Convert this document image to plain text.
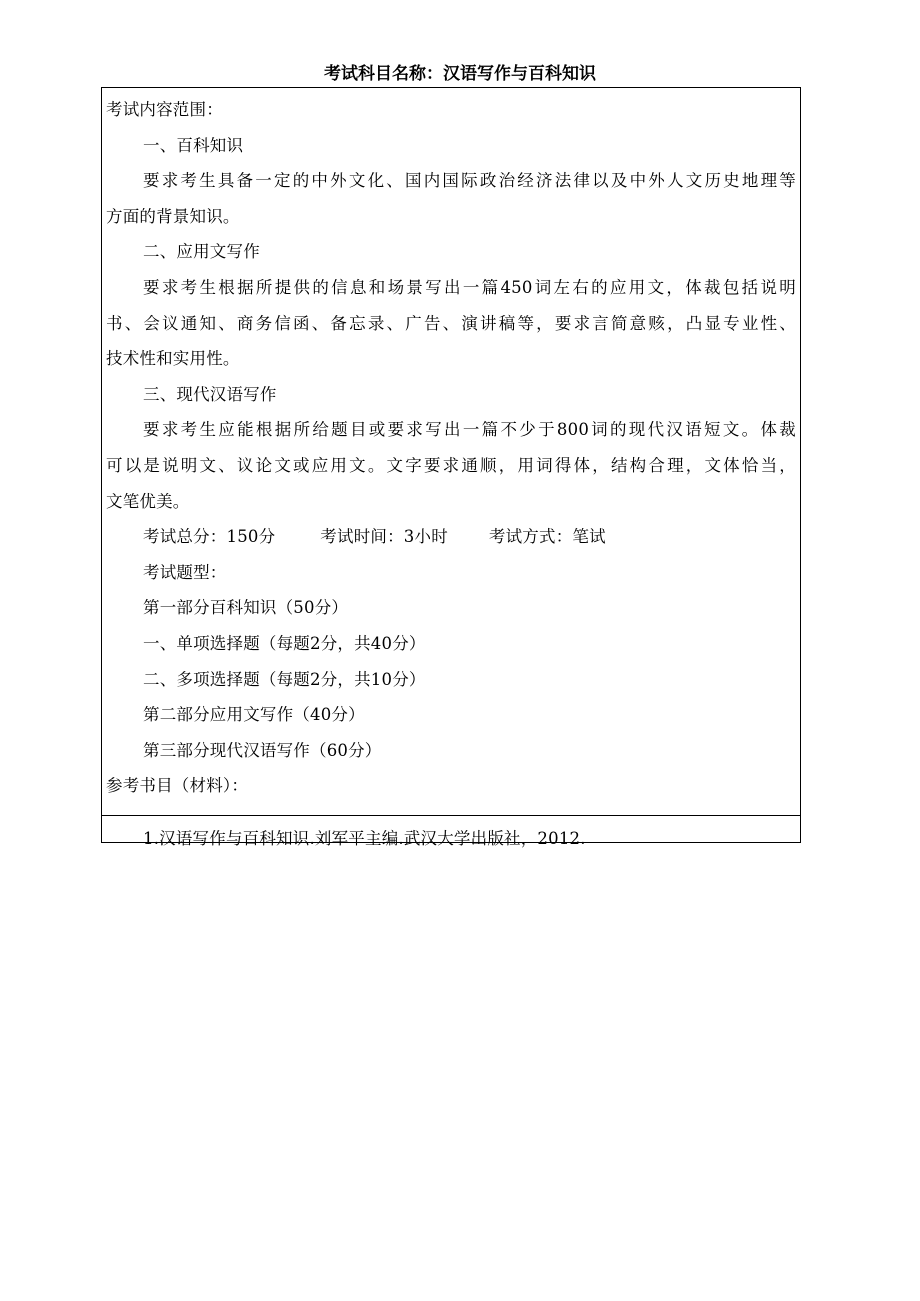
考试科目名称：汉语写作与百科知识
考试内容范围：
一、百科知识
要求考生具备一定的中外文化、国内国际政治经济法律以及中外人文历史地理等
方面的背景知识。
二、应用文写作
要求考生根据所提供的信息和场景写出一篇450词左右的应用文，体裁包括说明
书、会议通知、商务信函、备忘录、广告、演讲稿等，要求言简意赅，凸显专业性、
技术性和实用性。
三、现代汉语写作
要求考生应能根据所给题目或要求写出一篇不少于800词的现代汉语短文。体裁
可以是说明文、议论文或应用文。文字要求通顺，用词得体，结构合理，文体恰当，
文笔优美。
考试总分：150分	考试时间：3小时 考试方式：笔试
考试题型：
第一部分百科知识（50分）
一、单项选择题（每题2分，共40分）
二、多项选择题（每题2分，共10分）
第二部分应用文写作（40分）
第三部分现代汉语写作（60分）
参考书目（材料）：
1.汉语写作与百科知识.刘军平主编.武汉大学出版社，2012.
